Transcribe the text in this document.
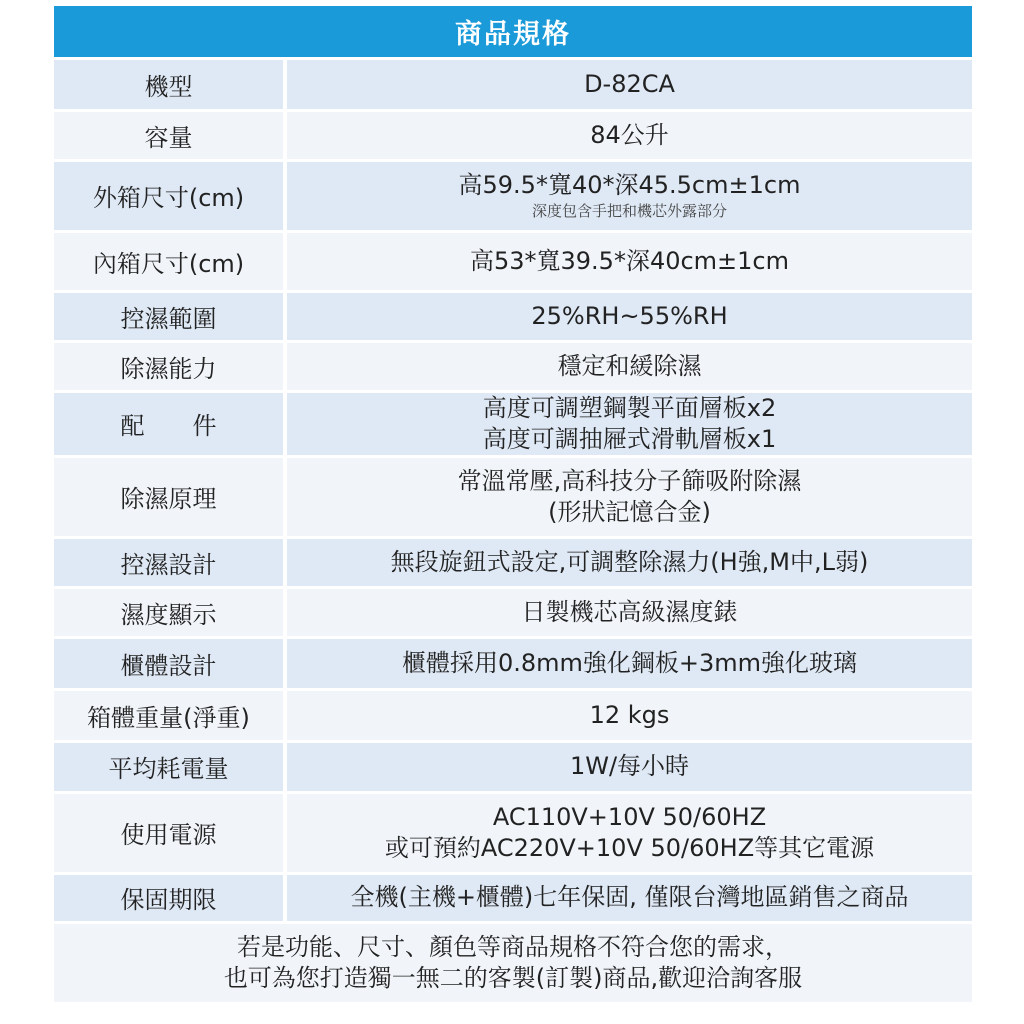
商品規格
機型	D-82CA

容量	84公升

外箱尺寸(cm)	高59.5*寬40*深45.5cm±1cm
深度包含手把和機芯外露部分

內箱尺寸(cm)	高53*寬39.5*深40cm±1cm

控濕範圍	25%RH~55%RH

除濕能力	穩定和緩除濕

配　　件	高度可調塑鋼製平面層板x2
高度可調抽屜式滑軌層板x1

除濕原理	常溫常壓,高科技分子篩吸附除濕
(形狀記憶合金)

控濕設計	無段旋鈕式設定,可調整除濕力(H強,M中,L弱)

濕度顯示	日製機芯高級濕度錶

櫃體設計	櫃體採用0.8mm強化鋼板+3mm強化玻璃

箱體重量(淨重)	12 kgs

平均耗電量	1W/每小時

使用電源	AC110V+10V 50/60HZ
或可預約AC220V+10V 50/60HZ等其它電源

保固期限	全機(主機+櫃體)七年保固, 僅限台灣地區銷售之商品
若是功能、尺寸、顏色等商品規格不符合您的需求，
也可為您打造獨一無二的客製(訂製)商品,歡迎洽詢客服
